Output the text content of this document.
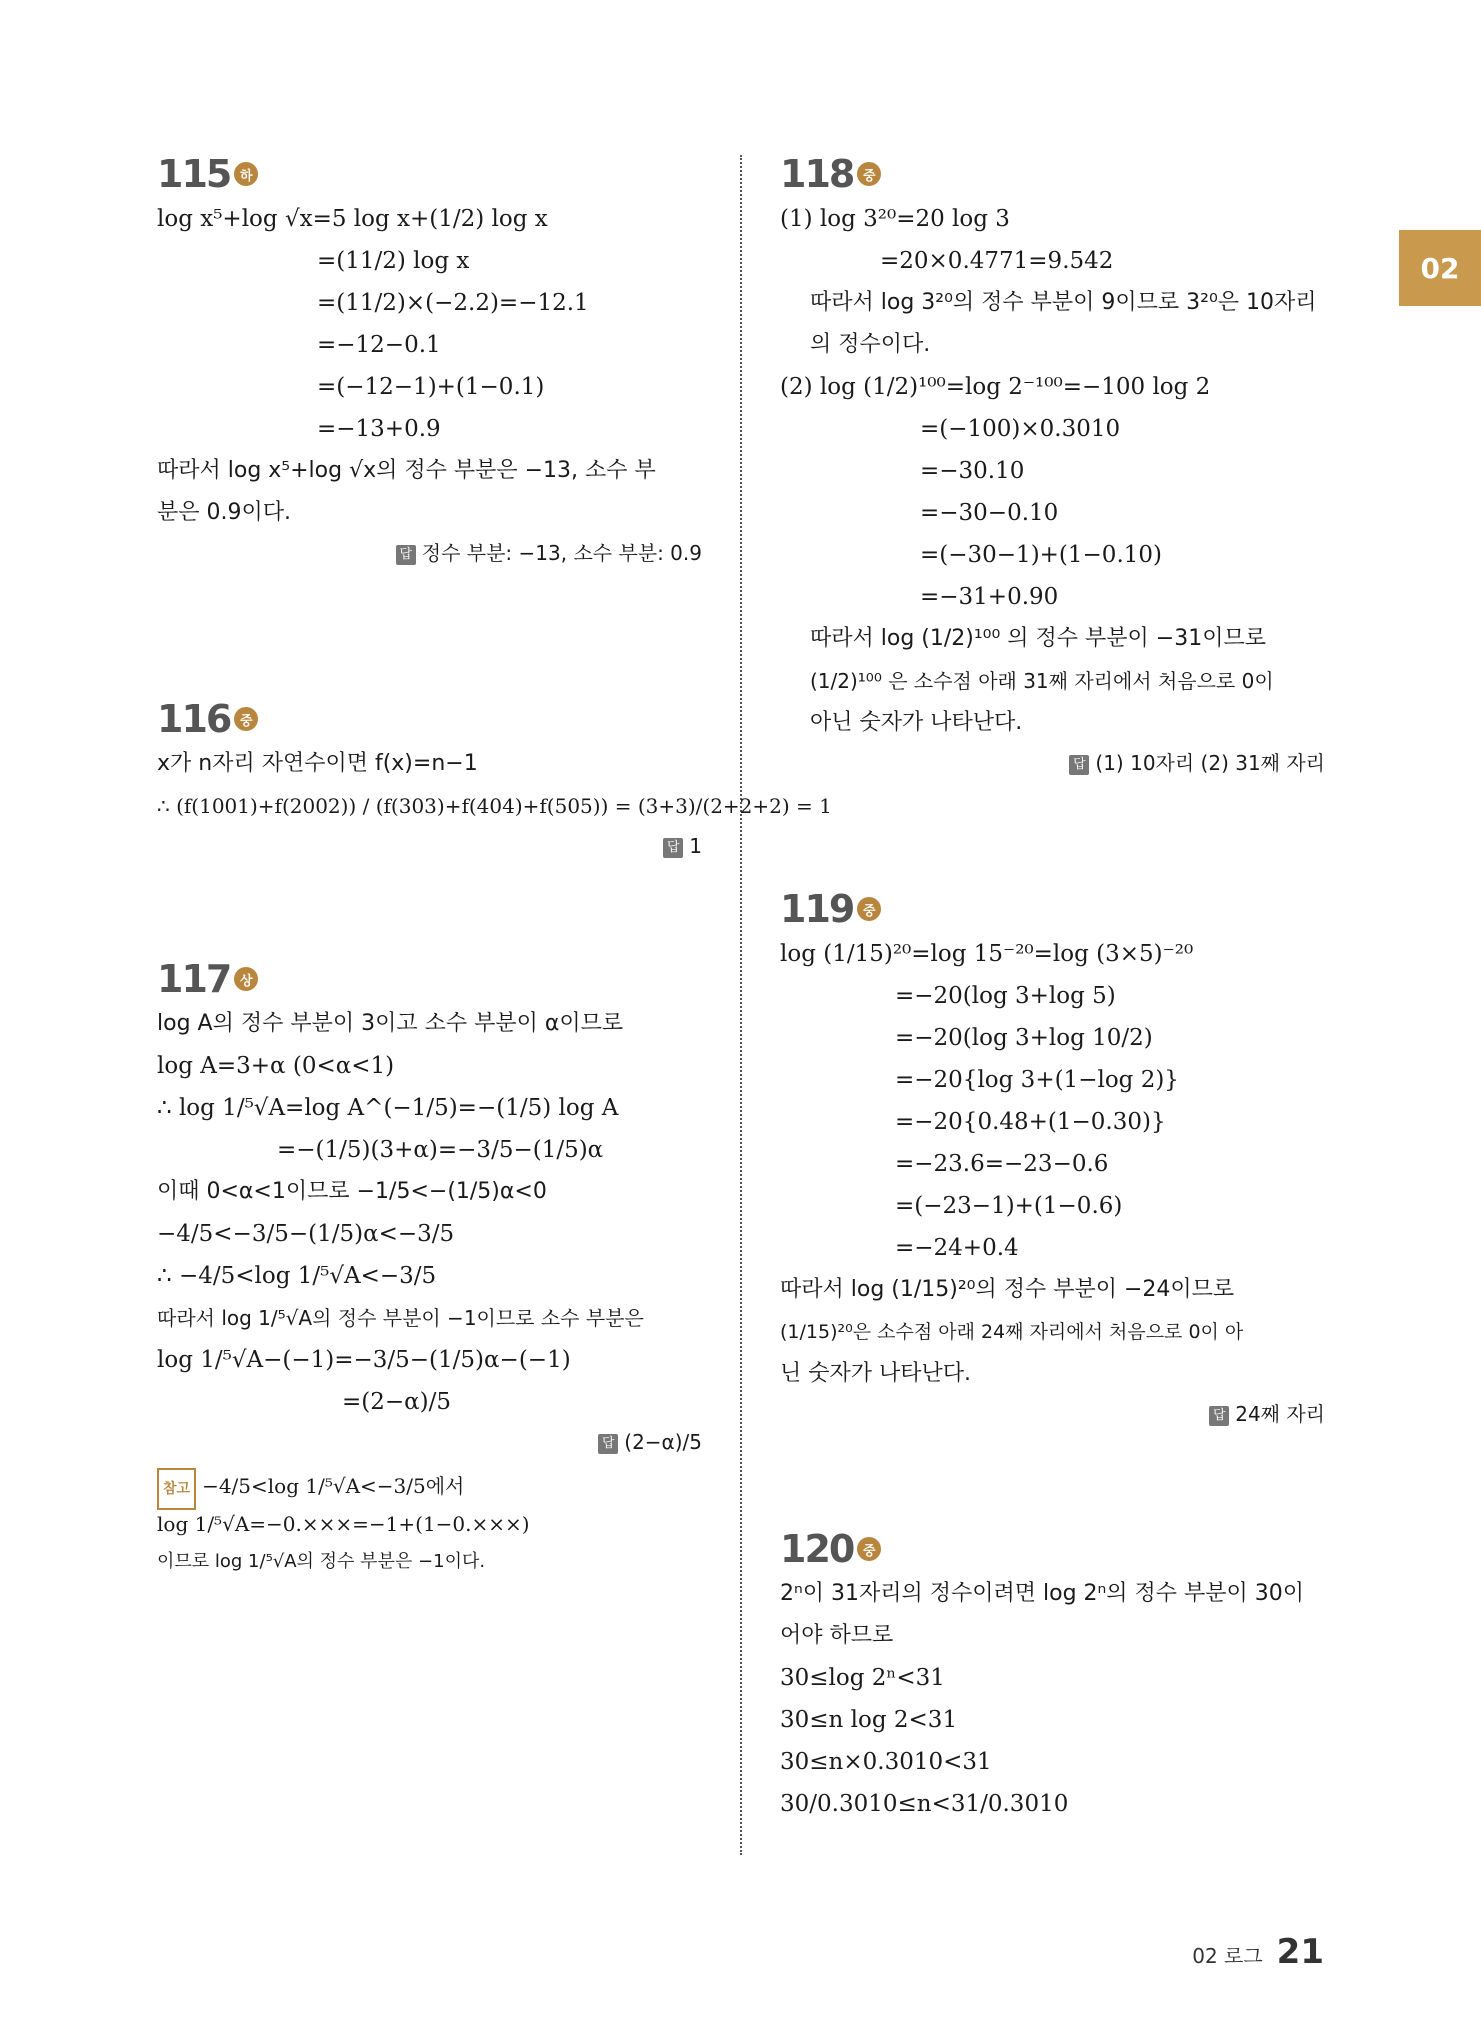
02
115 하
log x⁵+log √x=5 log x+(1/2) log x
=(11/2) log x
=(11/2)×(−2.2)=−12.1
=−12−0.1
=(−12−1)+(1−0.1)
=−13+0.9
따라서 log x⁵+log √x의 정수 부분은 −13, 소수 부
분은 0.9이다.
답 정수 부분: −13, 소수 부분: 0.9
116 중
x가 n자리 자연수이면 f(x)=n−1
∴ (f(1001)+f(2002)) / (f(303)+f(404)+f(505)) = (3+3)/(2+2+2) = 1
답 1
117 상
log A의 정수 부분이 3이고 소수 부분이 α이므로
log A=3+α (0<α<1)
∴ log 1/⁵√A=log A^(−1/5)=−(1/5) log A
=−(1/5)(3+α)=−3/5−(1/5)α
이때 0<α<1이므로 −1/5<−(1/5)α<0
−4/5<−3/5−(1/5)α<−3/5
∴ −4/5<log 1/⁵√A<−3/5
따라서 log 1/⁵√A의 정수 부분이 −1이므로 소수 부분은
log 1/⁵√A−(−1)=−3/5−(1/5)α−(−1)
=(2−α)/5
답 (2−α)/5
참고 −4/5<log 1/⁵√A<−3/5에서
log 1/⁵√A=−0.×××=−1+(1−0.×××)
이므로 log 1/⁵√A의 정수 부분은 −1이다.
118 중
(1) log 3²⁰=20 log 3
=20×0.4771=9.542
따라서 log 3²⁰의 정수 부분이 9이므로 3²⁰은 10자리
의 정수이다.
(2) log (1/2)¹⁰⁰=log 2⁻¹⁰⁰=−100 log 2
=(−100)×0.3010
=−30.10
=−30−0.10
=(−30−1)+(1−0.10)
=−31+0.90
따라서 log (1/2)¹⁰⁰ 의 정수 부분이 −31이므로
(1/2)¹⁰⁰ 은 소수점 아래 31째 자리에서 처음으로 0이
아닌 숫자가 나타난다.
답 (1) 10자리 (2) 31째 자리
119 중
log (1/15)²⁰=log 15⁻²⁰=log (3×5)⁻²⁰
=−20(log 3+log 5)
=−20(log 3+log 10/2)
=−20{log 3+(1−log 2)}
=−20{0.48+(1−0.30)}
=−23.6=−23−0.6
=(−23−1)+(1−0.6)
=−24+0.4
따라서 log (1/15)²⁰의 정수 부분이 −24이므로
(1/15)²⁰은 소수점 아래 24째 자리에서 처음으로 0이 아
닌 숫자가 나타난다.
답 24째 자리
120 중
2ⁿ이 31자리의 정수이려면 log 2ⁿ의 정수 부분이 30이
어야 하므로
30≤log 2ⁿ<31
30≤n log 2<31
30≤n×0.3010<31
30/0.3010≤n<31/0.3010
02 로그 21
